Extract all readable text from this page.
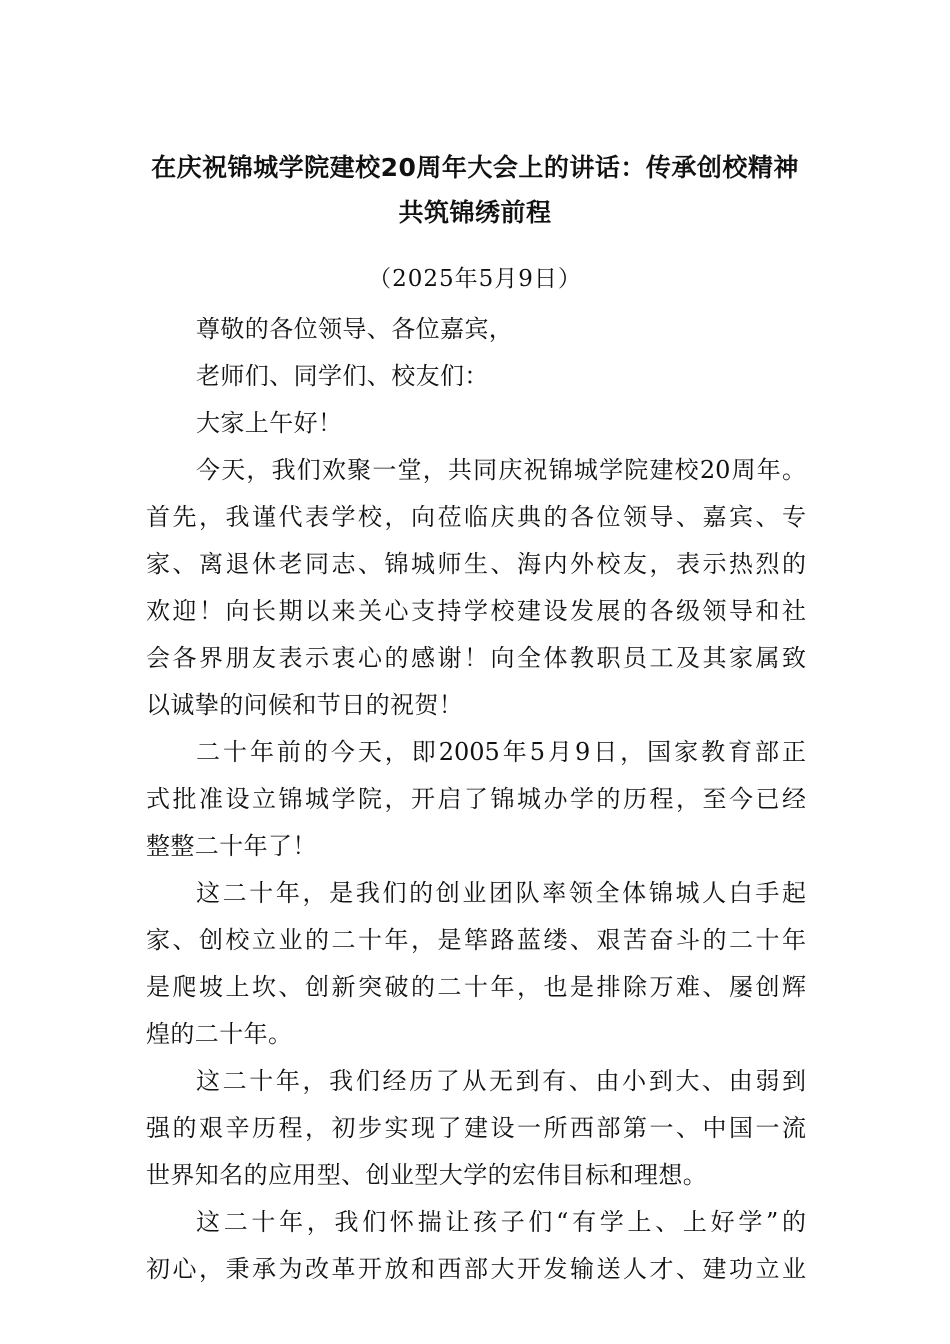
在庆祝锦城学院建校20周年大会上的讲话：传承创校精神
共筑锦绣前程
（2025年5月9日）
尊敬的各位领导、各位嘉宾，
老师们、同学们、校友们：
大家上午好！
今天，我们欢聚一堂，共同庆祝锦城学院建校20周年。
首先，我谨代表学校，向莅临庆典的各位领导、嘉宾、专
家、离退休老同志、锦城师生、海内外校友，表示热烈的
欢迎！向长期以来关心支持学校建设发展的各级领导和社
会各界朋友表示衷心的感谢！向全体教职员工及其家属致
以诚挚的问候和节日的祝贺！
二十年前的今天，即2005年5月9日，国家教育部正
式批准设立锦城学院，开启了锦城办学的历程，至今已经
整整二十年了！
这二十年，是我们的创业团队率领全体锦城人白手起
家、创校立业的二十年，是筚路蓝缕、艰苦奋斗的二十年
是爬坡上坎、创新突破的二十年，也是排除万难、屡创辉
煌的二十年。
这二十年，我们经历了从无到有、由小到大、由弱到
强的艰辛历程，初步实现了建设一所西部第一、中国一流
世界知名的应用型、创业型大学的宏伟目标和理想。
这二十年，我们怀揣让孩子们“有学上、上好学”的
初心，秉承为改革开放和西部大开发输送人才、建功立业
